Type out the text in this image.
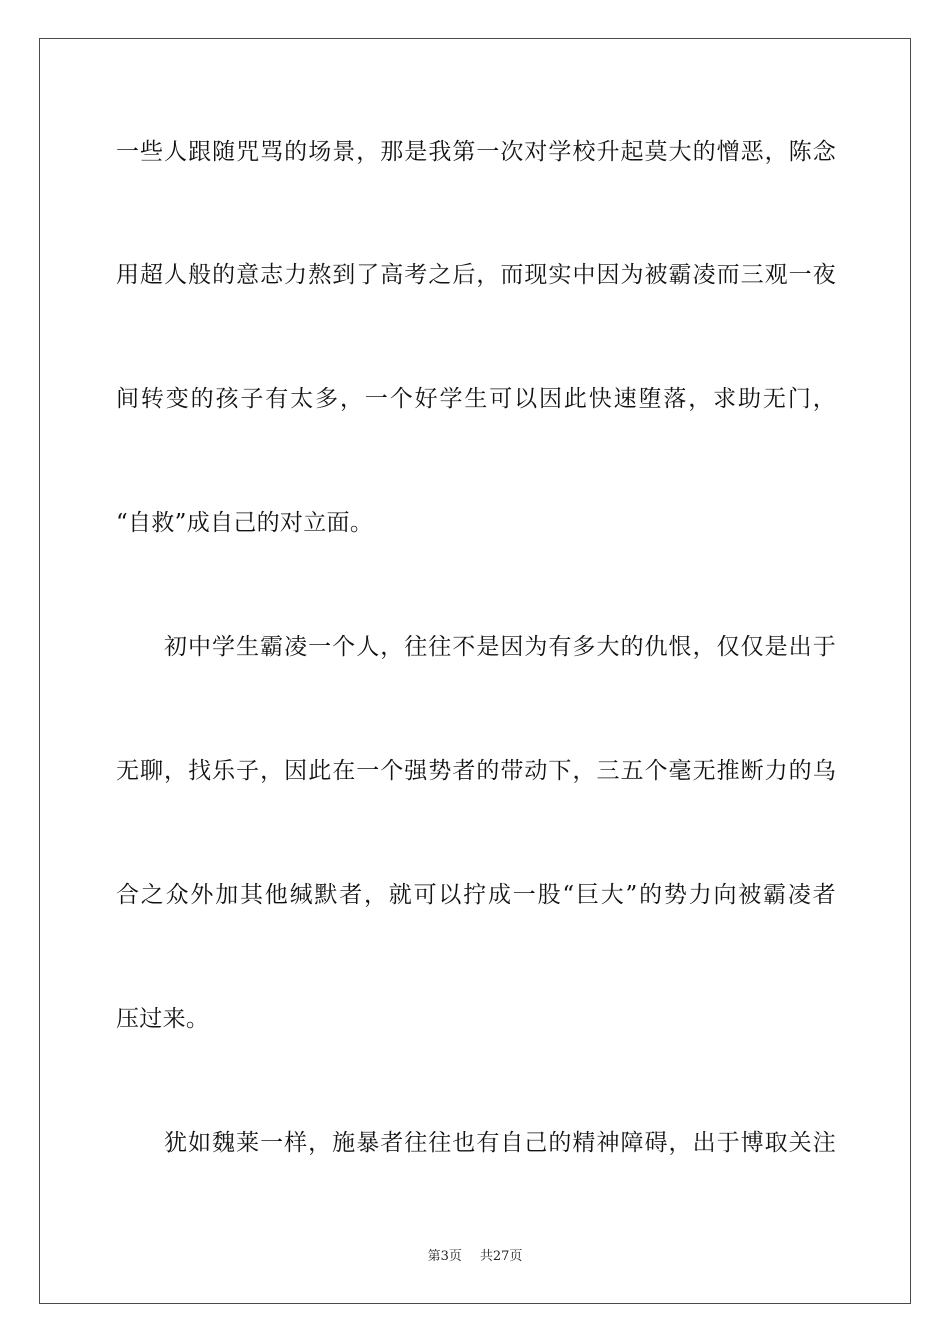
一些人跟随咒骂的场景，那是我第一次对学校升起莫大的憎恶，陈念
用超人般的意志力熬到了高考之后，而现实中因为被霸凌而三观一夜
间转变的孩子有太多，一个好学生可以因此快速堕落，求助无门，
“自救”成自己的对立面。
初中学生霸凌一个人，往往不是因为有多大的仇恨，仅仅是出于
无聊，找乐子，因此在一个强势者的带动下，三五个毫无推断力的乌
合之众外加其他缄默者，就可以拧成一股“巨大”的势力向被霸凌者
压过来。
犹如魏莱一样，施暴者往往也有自己的精神障碍，出于博取关注
第3页 共27页
